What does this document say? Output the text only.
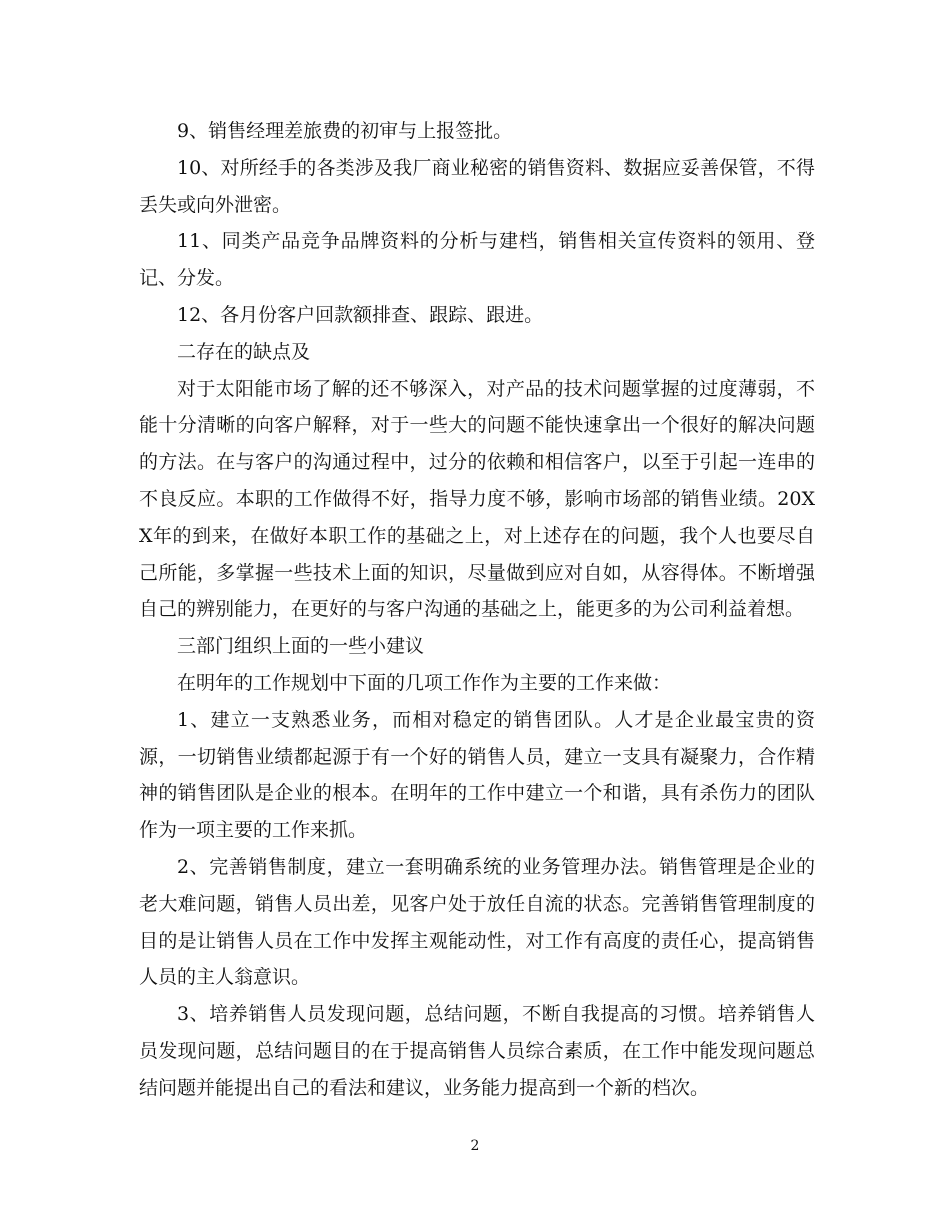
9、销售经理差旅费的初审与上报签批。

10、对所经手的各类涉及我厂商业秘密的销售资料、数据应妥善保管，不得丢失或向外泄密。

11、同类产品竞争品牌资料的分析与建档，销售相关宣传资料的领用、登记、分发。

12、各月份客户回款额排查、跟踪、跟进。

二存在的缺点及

对于太阳能市场了解的还不够深入，对产品的技术问题掌握的过度薄弱，不能十分清晰的向客户解释，对于一些大的问题不能快速拿出一个很好的解决问题的方法。在与客户的沟通过程中，过分的依赖和相信客户，以至于引起一连串的不良反应。本职的工作做得不好，指导力度不够，影响市场部的销售业绩。20XX年的到来，在做好本职工作的基础之上，对上述存在的问题，我个人也要尽自己所能，多掌握一些技术上面的知识，尽量做到应对自如，从容得体。不断增强自己的辨别能力，在更好的与客户沟通的基础之上，能更多的为公司利益着想。

三部门组织上面的一些小建议

在明年的工作规划中下面的几项工作作为主要的工作来做：

1、建立一支熟悉业务，而相对稳定的销售团队。人才是企业最宝贵的资源，一切销售业绩都起源于有一个好的销售人员，建立一支具有凝聚力，合作精神的销售团队是企业的根本。在明年的工作中建立一个和谐，具有杀伤力的团队作为一项主要的工作来抓。

2、完善销售制度，建立一套明确系统的业务管理办法。销售管理是企业的老大难问题，销售人员出差，见客户处于放任自流的状态。完善销售管理制度的目的是让销售人员在工作中发挥主观能动性，对工作有高度的责任心，提高销售人员的主人翁意识。

3、培养销售人员发现问题，总结问题，不断自我提高的习惯。培养销售人员发现问题，总结问题目的在于提高销售人员综合素质，在工作中能发现问题总结问题并能提出自己的看法和建议，业务能力提高到一个新的档次。

2
